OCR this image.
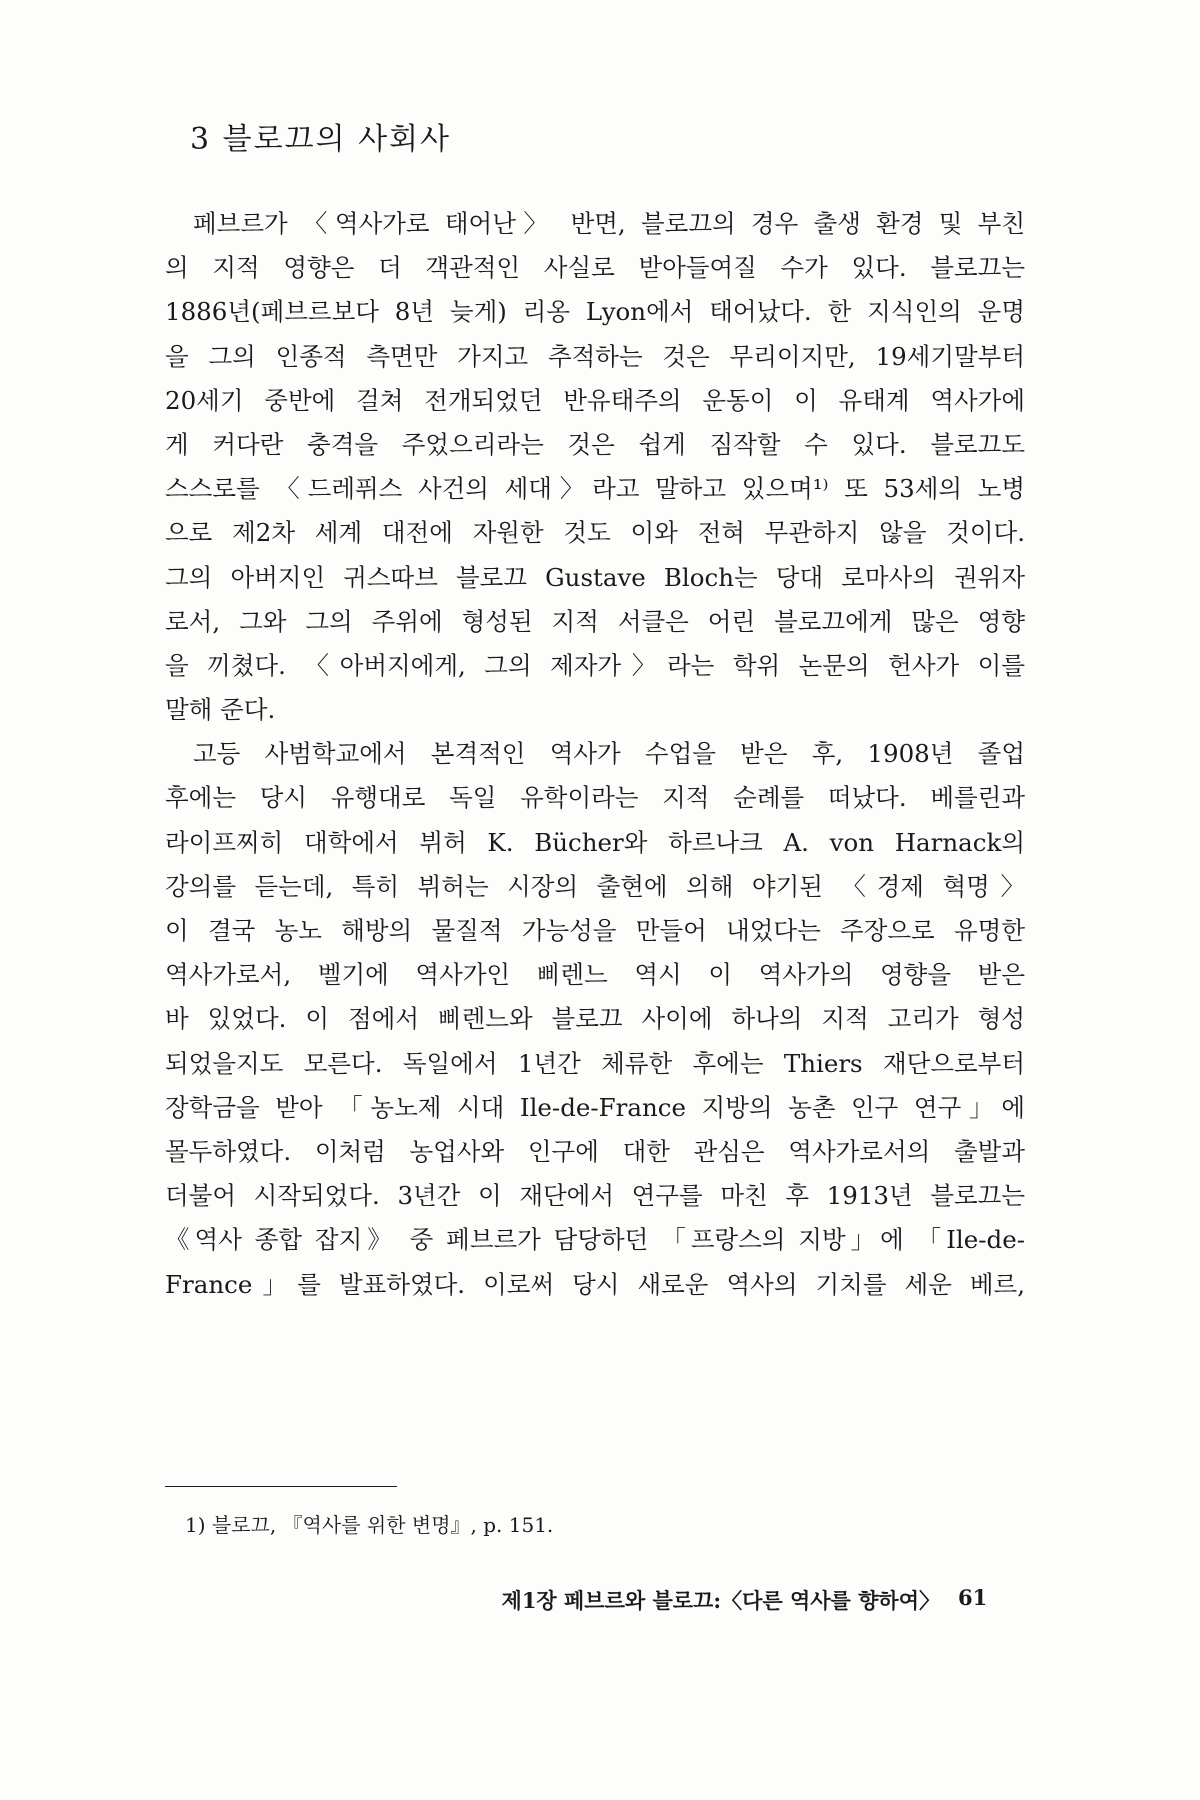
3 블로끄의 사회사
페브르가 〈역사가로 태어난〉 반면, 블로끄의 경우 출생 환경 및 부친
의 지적 영향은 더 객관적인 사실로 받아들여질 수가 있다. 블로끄는
1886년(페브르보다 8년 늦게) 리옹 Lyon에서 태어났다. 한 지식인의 운명
을 그의 인종적 측면만 가지고 추적하는 것은 무리이지만, 19세기말부터
20세기 중반에 걸쳐 전개되었던 반유태주의 운동이 이 유태계 역사가에
게 커다란 충격을 주었으리라는 것은 쉽게 짐작할 수 있다. 블로끄도
스스로를 〈드레퓌스 사건의 세대〉라고 말하고 있으며¹⁾ 또 53세의 노병
으로 제2차 세계 대전에 자원한 것도 이와 전혀 무관하지 않을 것이다.
그의 아버지인 귀스따브 블로끄 Gustave Bloch는 당대 로마사의 권위자
로서, 그와 그의 주위에 형성된 지적 서클은 어린 블로끄에게 많은 영향
을 끼쳤다. 〈아버지에게, 그의 제자가〉라는 학위 논문의 헌사가 이를
말해 준다.
고등 사범학교에서 본격적인 역사가 수업을 받은 후, 1908년 졸업
후에는 당시 유행대로 독일 유학이라는 지적 순례를 떠났다. 베를린과
라이프찌히 대학에서 뷔허 K. Bücher와 하르나크 A. von Harnack의
강의를 듣는데, 특히 뷔허는 시장의 출현에 의해 야기된 〈경제 혁명〉
이 결국 농노 해방의 물질적 가능성을 만들어 내었다는 주장으로 유명한
역사가로서, 벨기에 역사가인 삐렌느 역시 이 역사가의 영향을 받은
바 있었다. 이 점에서 삐렌느와 블로끄 사이에 하나의 지적 고리가 형성
되었을지도 모른다. 독일에서 1년간 체류한 후에는 Thiers 재단으로부터
장학금을 받아 「농노제 시대 Ile-de-France 지방의 농촌 인구 연구」에
몰두하였다. 이처럼 농업사와 인구에 대한 관심은 역사가로서의 출발과
더불어 시작되었다. 3년간 이 재단에서 연구를 마친 후 1913년 블로끄는
《역사 종합 잡지》 중 페브르가 담당하던 「프랑스의 지방」에 「Ile-de-
France」를 발표하였다. 이로써 당시 새로운 역사의 기치를 세운 베르,
1) 블로끄, 『역사를 위한 변명』, p. 151.
제1장 페브르와 블로끄:〈다른 역사를 향하여〉 61
